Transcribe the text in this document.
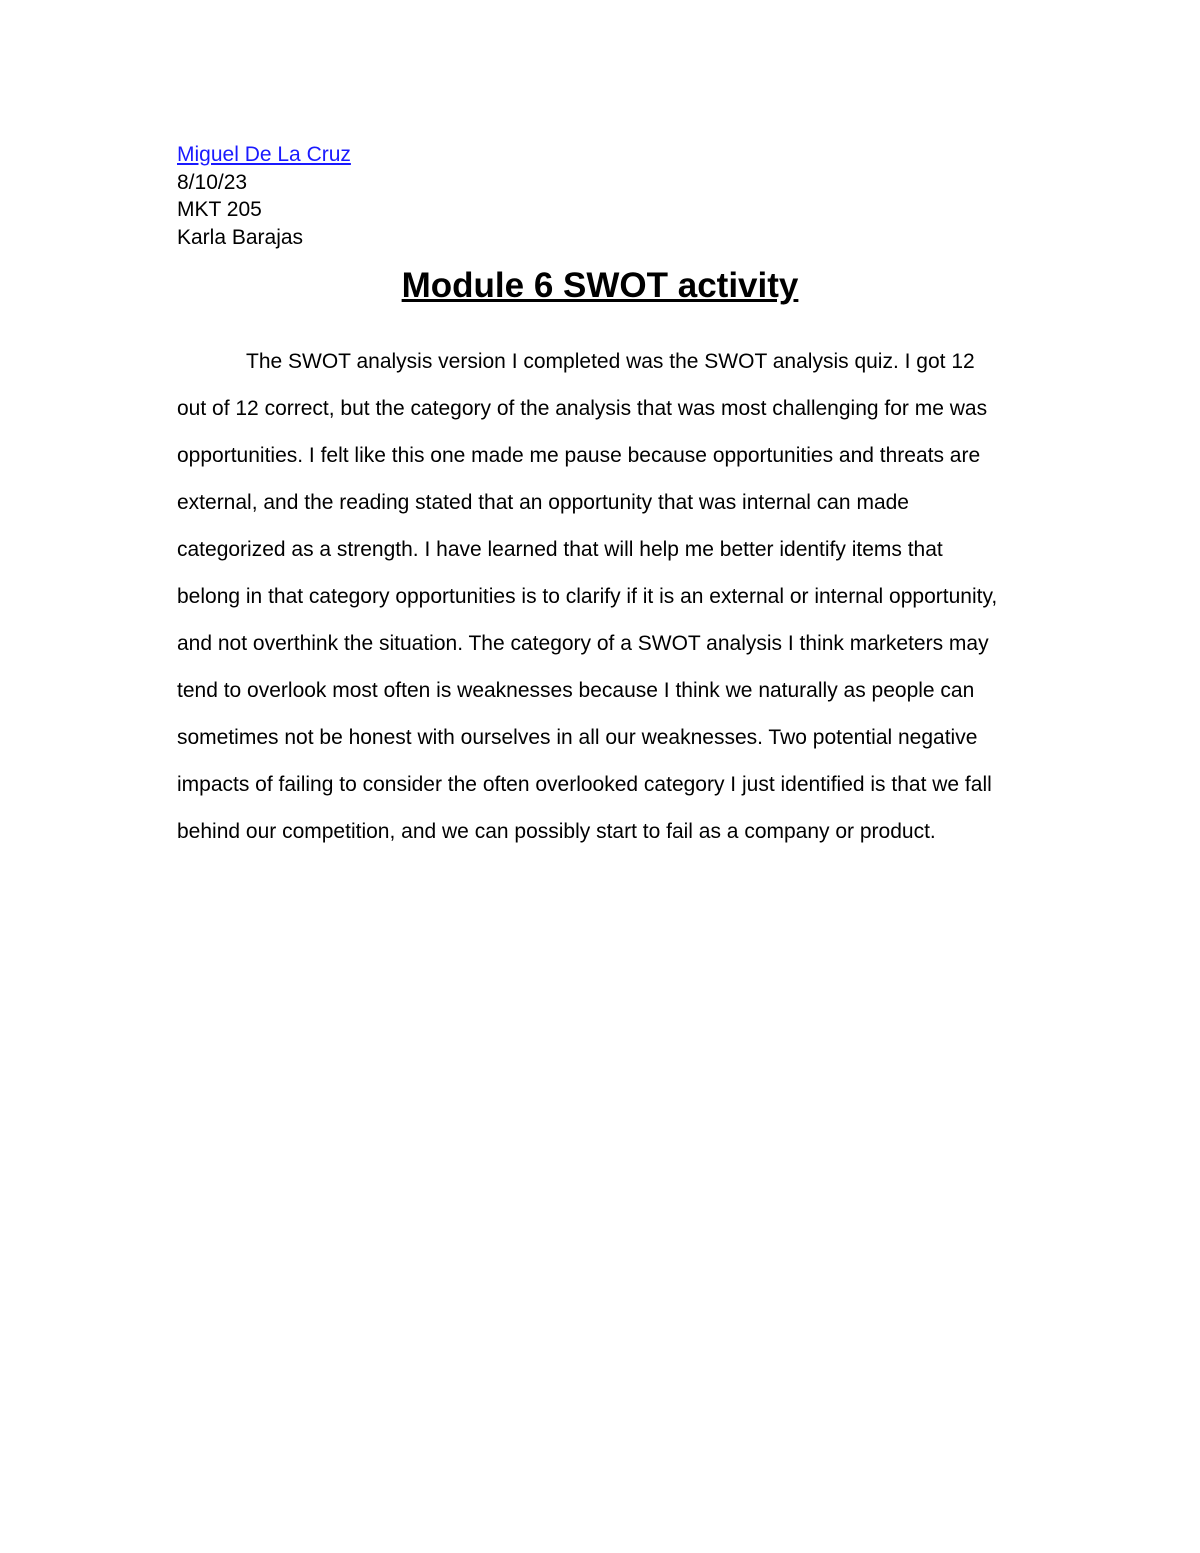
Miguel De La Cruz
8/10/23
MKT 205
Karla Barajas
Module 6 SWOT activity
The SWOT analysis version I completed was the SWOT analysis quiz. I got 12
out of 12 correct, but the category of the analysis that was most challenging for me was
opportunities. I felt like this one made me pause because opportunities and threats are
external, and the reading stated that an opportunity that was internal can made
categorized as a strength. I have learned that will help me better identify items that
belong in that category opportunities is to clarify if it is an external or internal opportunity,
and not overthink the situation. The category of a SWOT analysis I think marketers may
tend to overlook most often is weaknesses because I think we naturally as people can
sometimes not be honest with ourselves in all our weaknesses. Two potential negative
impacts of failing to consider the often overlooked category I just identified is that we fall
behind our competition, and we can possibly start to fail as a company or product.
